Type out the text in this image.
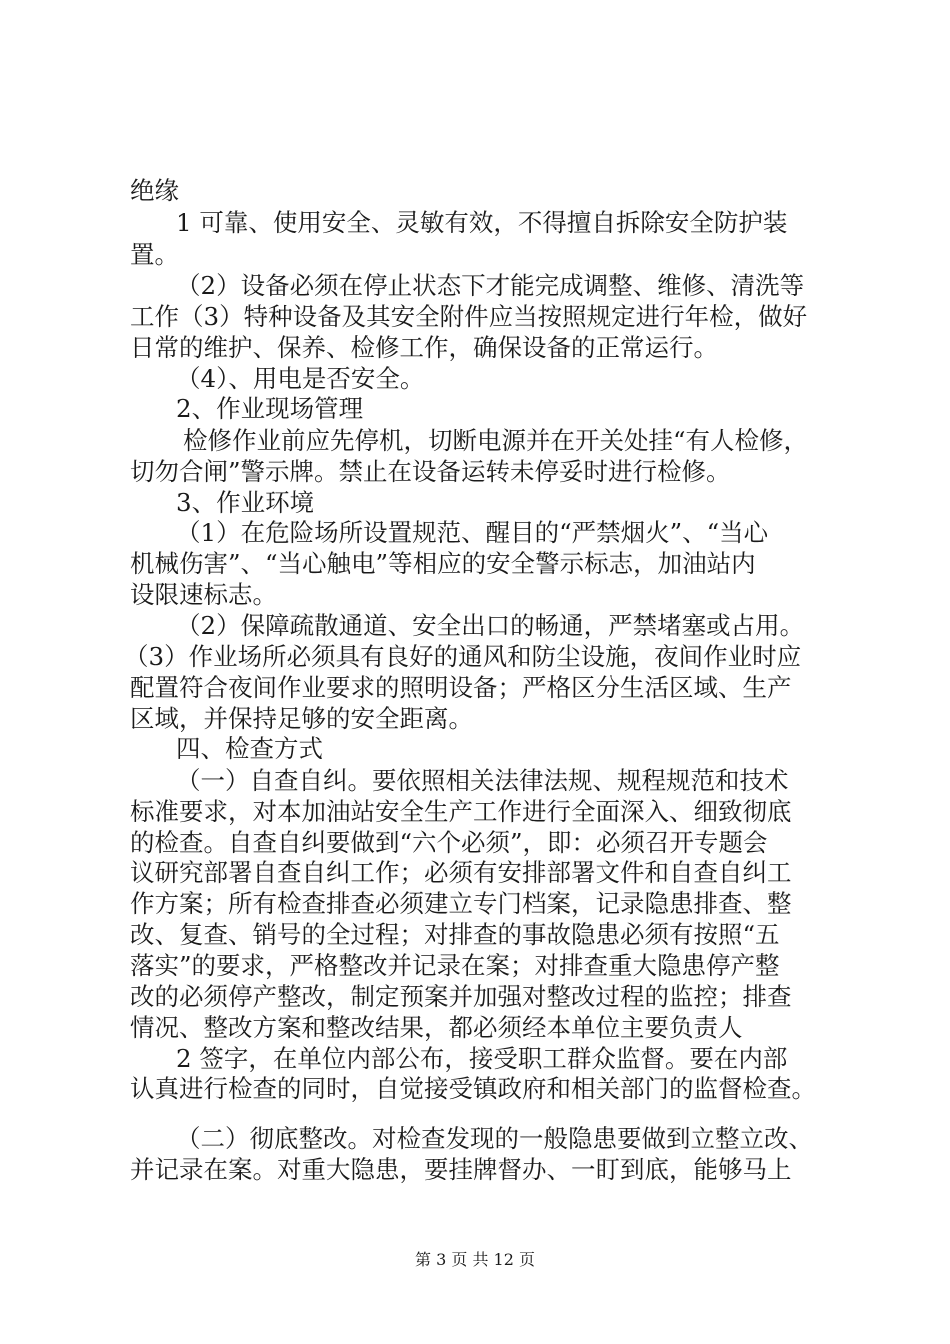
绝缘
1 可靠、使用安全、灵敏有效，不得擅自拆除安全防护装
置。
（2）设备必须在停止状态下才能完成调整、维修、清洗等
工作（3）特种设备及其安全附件应当按照规定进行年检，做好
日常的维护、保养、检修工作，确保设备的正常运行。
（4）、用电是否安全。
2、作业现场管理
检修作业前应先停机，切断电源并在开关处挂“有人检修，
切勿合闸”警示牌。禁止在设备运转未停妥时进行检修。
3、作业环境
（1）在危险场所设置规范、醒目的“严禁烟火”、“当心
机械伤害”、“当心触电”等相应的安全警示标志，加油站内
设限速标志。
（2）保障疏散通道、安全出口的畅通，严禁堵塞或占用。
（3）作业场所必须具有良好的通风和防尘设施，夜间作业时应
配置符合夜间作业要求的照明设备；严格区分生活区域、生产
区域，并保持足够的安全距离。
四、检查方式
（一）自查自纠。要依照相关法律法规、规程规范和技术
标准要求，对本加油站安全生产工作进行全面深入、细致彻底
的检查。自查自纠要做到“六个必须”，即：必须召开专题会
议研究部署自查自纠工作；必须有安排部署文件和自查自纠工
作方案；所有检查排查必须建立专门档案，记录隐患排查、整
改、复查、销号的全过程；对排查的事故隐患必须有按照“五
落实”的要求，严格整改并记录在案；对排查重大隐患停产整
改的必须停产整改，制定预案并加强对整改过程的监控；排查
情况、整改方案和整改结果，都必须经本单位主要负责人
2 签字，在单位内部公布，接受职工群众监督。要在内部
认真进行检查的同时，自觉接受镇政府和相关部门的监督检查。
（二）彻底整改。对检查发现的一般隐患要做到立整立改、
并记录在案。对重大隐患，要挂牌督办、一盯到底，能够马上
第 3 页 共 12 页
